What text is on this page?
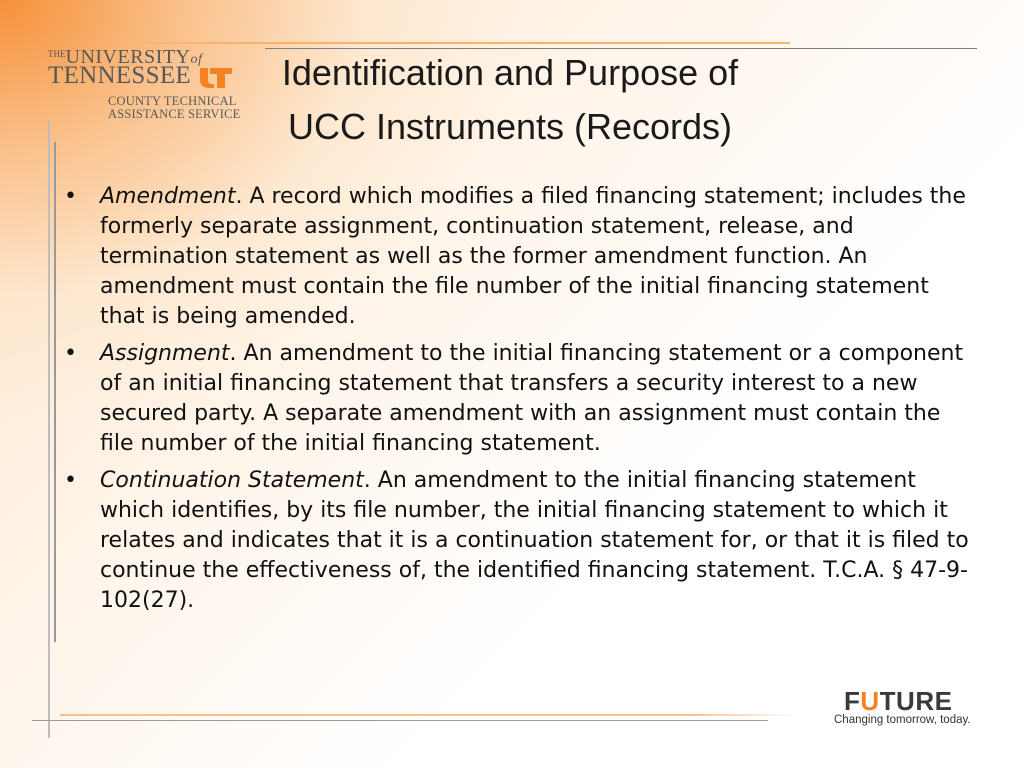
$^{THE}$UNIVERSITYof
TENNESSEE
COUNTY TECHNICAL
ASSISTANCE SERVICE
Identification and Purpose of
UCC Instruments (Records)
•	Amendment. A record which modifies a filed financing statement; includes the formerly separate assignment, continuation statement, release, and termination statement as well as the former amendment function. An amendment must contain the file number of the initial financing statement that is being amended.
•	Assignment. An amendment to the initial financing statement or a component of an initial financing statement that transfers a security interest to a new secured party. A separate amendment with an assignment must contain the file number of the initial financing statement.
•	Continuation Statement. An amendment to the initial financing statement which identifies, by its file number, the initial financing statement to which it relates and indicates that it is a continuation statement for, or that it is filed to continue the effectiveness of, the identified financing statement. T.C.A. § 47-9-102(27).
FUTURE
Changing tomorrow, today.
